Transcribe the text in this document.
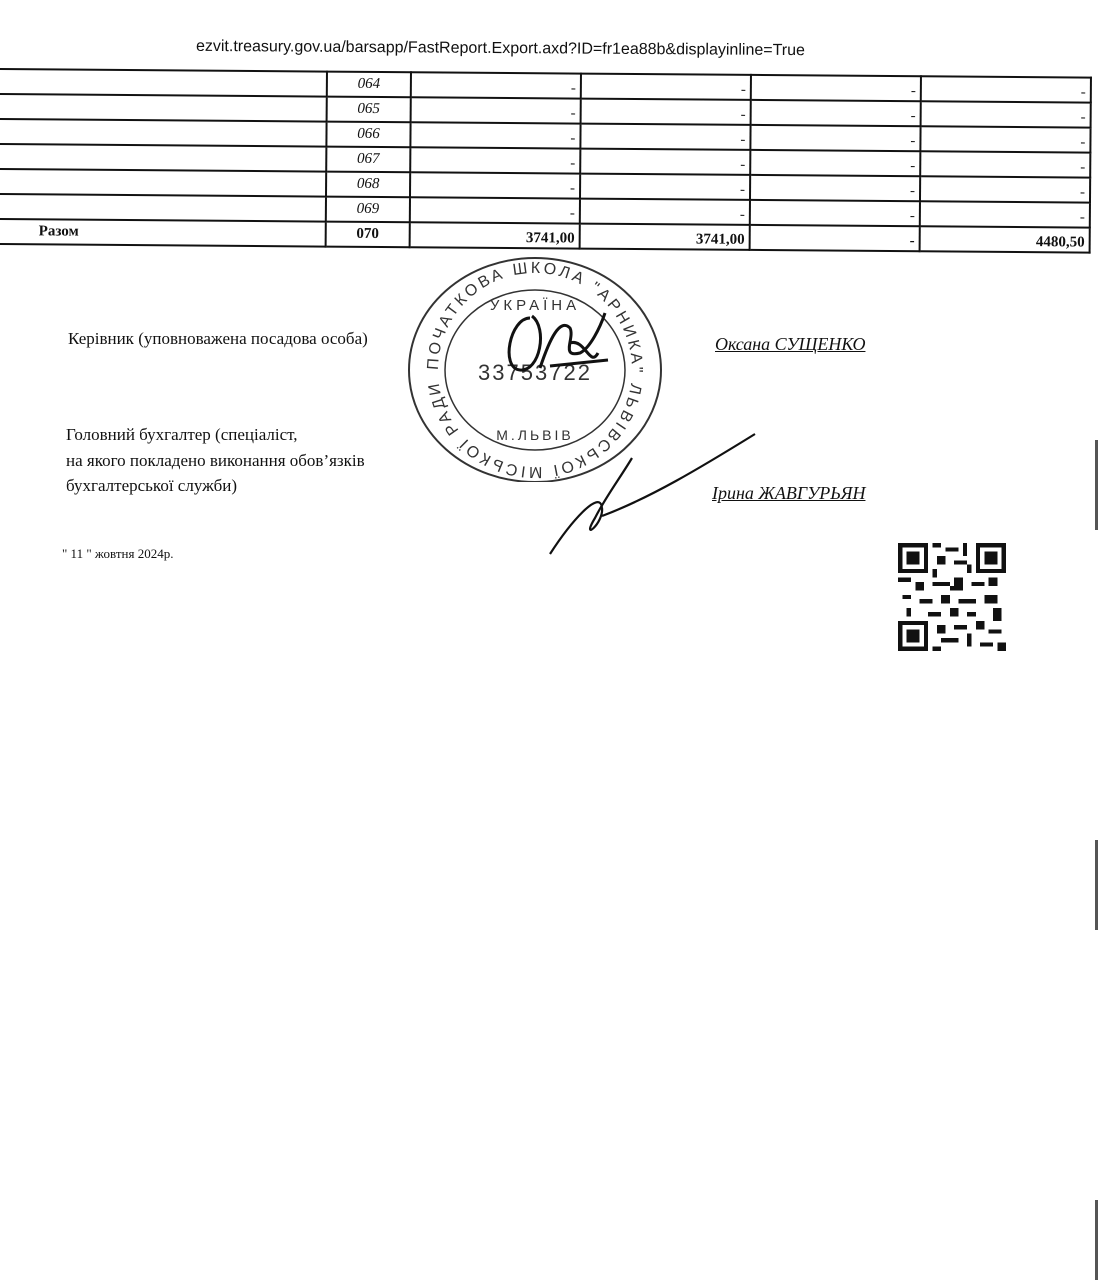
ezvit.treasury.gov.ua/barsapp/FastReport.Export.axd?ID=fr1ea88b&displayinline=True
	064	-	-	-	-
	065	-	-	-	-
	066	-	-	-	-
	067	-	-	-	-
	068	-	-	-	-
	069	-	-	-	-
Разом	070	3741,00	3741,00	-	4480,50
Керівник (уповноважена посадова особа)	Оксана СУЩЕНКО
Головний бухгалтер (спеціаліст,
на якого покладено виконання обов’язків
бухгалтерської служби)	Ірина ЖАВГУРЬЯН
" 11 " жовтня 2024р.
ПОЧАТКОВА ШКОЛА "АРНИКА" ЛЬВІВСЬКОЇ МІСЬКОЇ РАДИ
УКРАЇНА
33753722
М.ЛЬВІВ
